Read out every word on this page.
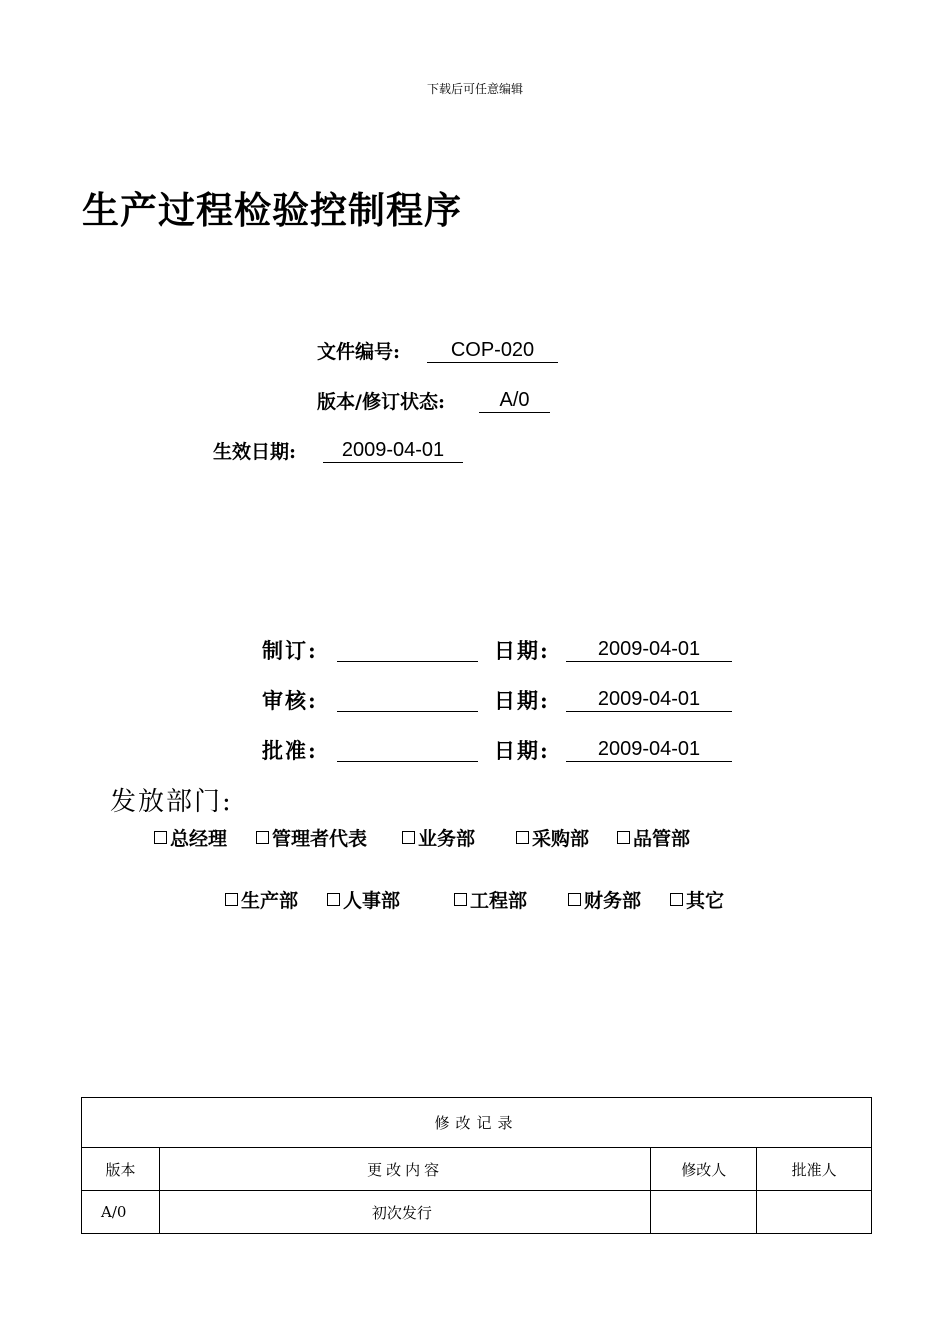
下载后可任意编辑
生产过程检验控制程序
文件编号:	COP-020
版本/修订状态:	A/0
生效日期:	2009-04-01
制订:	日期:	2009-04-01
审核:	日期:	2009-04-01
批准:	日期:	2009-04-01
发放部门:
总经理 管理者代表	业务部	采购部 品管部
生产部 人事部	工程部	财务部 其它
修改记录			
版本	更改内容	修改人	批准人
A/0	初次发行		
